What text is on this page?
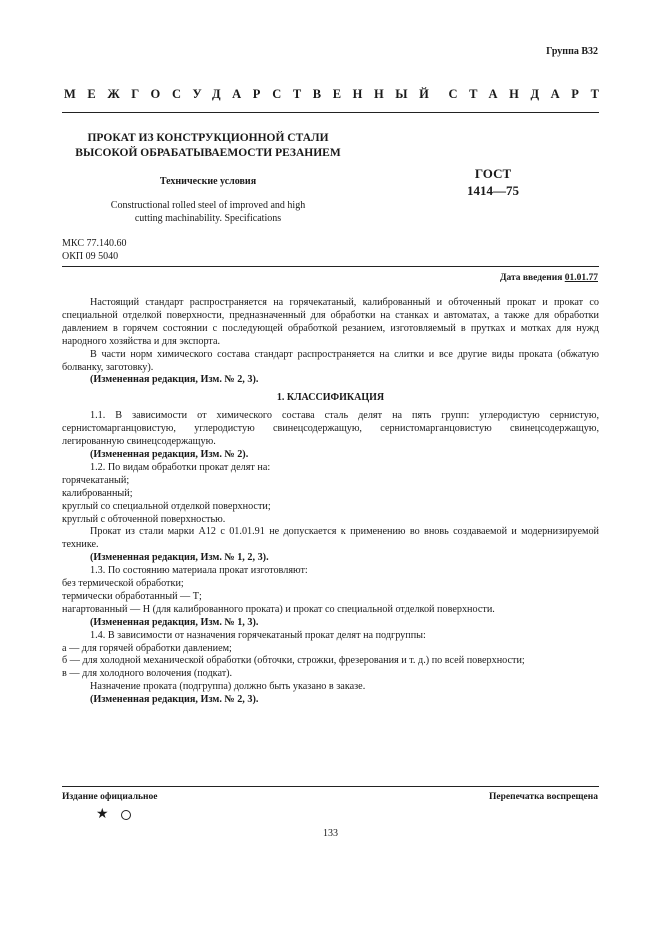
Группа В32
МЕЖГОСУДАРСТВЕННЫЙ СТАНДАРТ
ПРОКАТ ИЗ КОНСТРУКЦИОННОЙ СТАЛИ
ВЫСОКОЙ ОБРАБАТЫВАЕМОСТИ РЕЗАНИЕМ
Технические условия
Constructional rolled steel of improved and high
cutting machinability. Specifications
ГОСТ
1414—75
МКС 77.140.60
ОКП 09 5040
Дата введения 01.01.77

Настоящий стандарт распространяется на горячекатаный, калиброванный и обточенный прокат и прокат со специальной отделкой поверхности, предназначенный для обработки на станках и автоматах, а также для обработки давлением в горячем состоянии с последующей обработкой резанием, изготовляемый в прутках и мотках для нужд народного хозяйства и для экспорта.

В части норм химического состава стандарт распространяется на слитки и все другие виды проката (обжатую болванку, заготовку).

(Измененная редакция, Изм. № 2, 3).

1. КЛАССИФИКАЦИЯ

1.1. В зависимости от химического состава сталь делят на пять групп: углеродистую сернистую, сернистомарганцовистую, углеродистую свинецсодержащую, сернистомарганцовистую свинецсодержащую, легированную свинецсодержащую.

(Измененная редакция, Изм. № 2).

1.2. По видам обработки прокат делят на:

горячекатаный;

калиброванный;

круглый со специальной отделкой поверхности;

круглый с обточенной поверхностью.

Прокат из стали марки А12 с 01.01.91 не допускается к применению во вновь создаваемой и модернизируемой технике.

(Измененная редакция, Изм. № 1, 2, 3).

1.3. По состоянию материала прокат изготовляют:

без термической обработки;

термически обработанный — Т;

нагартованный — Н (для калиброванного проката) и прокат со специальной отделкой поверхности.

(Измененная редакция, Изм. № 1, 3).

1.4. В зависимости от назначения горячекатаный прокат делят на подгруппы:

а — для горячей обработки давлением;

б — для холодной механической обработки (обточки, строжки, фрезерования и т. д.) по всей поверхности;

в — для холодного волочения (подкат).

Назначение проката (подгруппа) должно быть указано в заказе.

(Измененная редакция, Изм. № 2, 3).

Издание официальное	Перепечатка воспрещена
★
133
